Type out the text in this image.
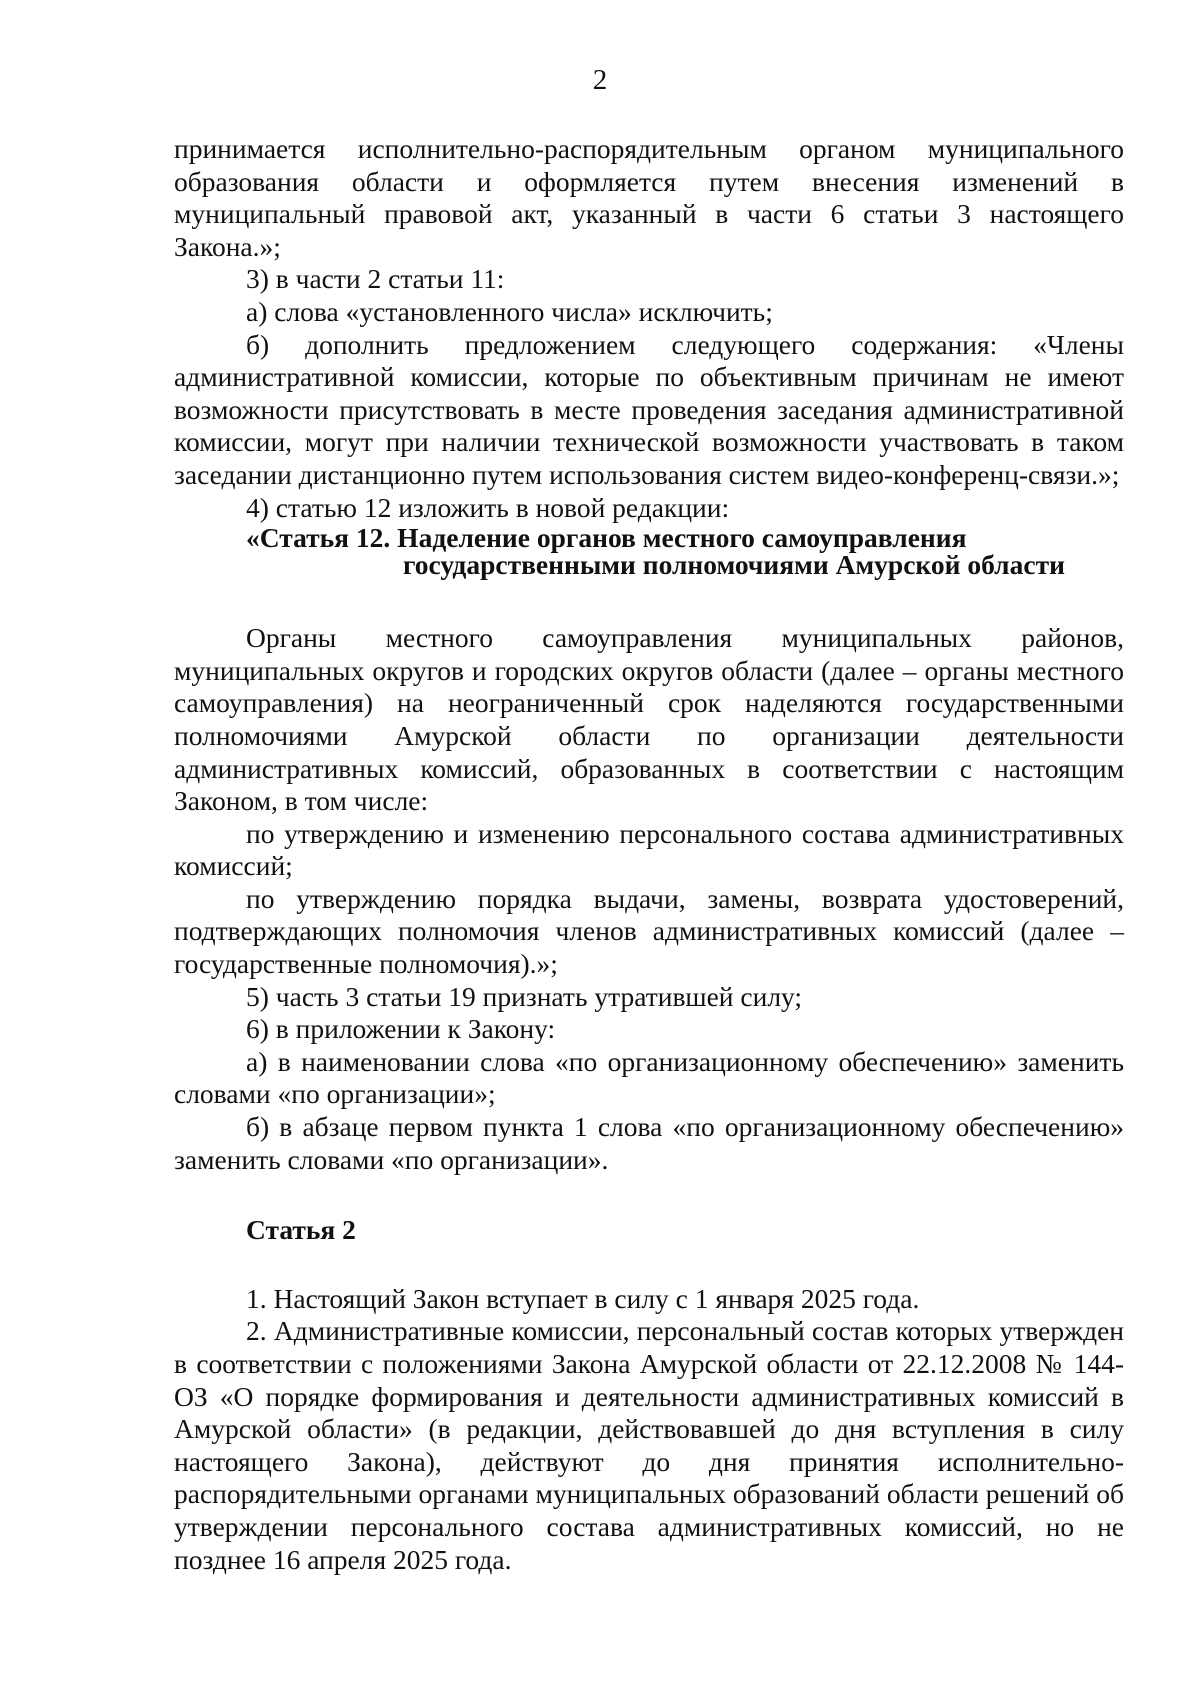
2

принимается исполнительно-распорядительным органом муниципального образования области и оформляется путем внесения изменений в муниципальный правовой акт, указанный в части 6 статьи 3 настоящего Закона.»;

3) в части 2 статьи 11:

а) слова «установленного числа» исключить;

б) дополнить предложением следующего содержания: «Члены административной комиссии, которые по объективным причинам не имеют возможности присутствовать в месте проведения заседания административной комиссии, могут при наличии технической возможности участвовать в таком заседании дистанционно путем использования систем видео-конференц-связи.»;

4) статью 12 изложить в новой редакции:

«Статья 12. Наделение органов местного самоуправления
государственными полномочиями Амурской области

Органы местного самоуправления муниципальных районов, муниципальных округов и городских округов области (далее – органы местного самоуправления) на неограниченный срок наделяются государственными полномочиями Амурской области по организации деятельности административных комиссий, образованных в соответствии с настоящим Законом, в том числе:

по утверждению и изменению персонального состава административных комиссий;

по утверждению порядка выдачи, замены, возврата удостоверений, подтверждающих полномочия членов административных комиссий (далее – государственные полномочия).»;

5) часть 3 статьи 19 признать утратившей силу;

6) в приложении к Закону:

а) в наименовании слова «по организационному обеспечению» заменить словами «по организации»;

б) в абзаце первом пункта 1 слова «по организационному обеспечению» заменить словами «по организации».

Статья 2

1. Настоящий Закон вступает в силу с 1 января 2025 года.

2. Административные комиссии, персональный состав которых утвержден в соответствии с положениями Закона Амурской области от 22.12.2008 № 144-ОЗ «О порядке формирования и деятельности административных комиссий в Амурской области» (в редакции, действовавшей до дня вступления в силу настоящего Закона), действуют до дня принятия исполнительно-распорядительными органами муниципальных образований области решений об утверждении персонального состава административных комиссий, но не позднее 16 апреля 2025 года.
